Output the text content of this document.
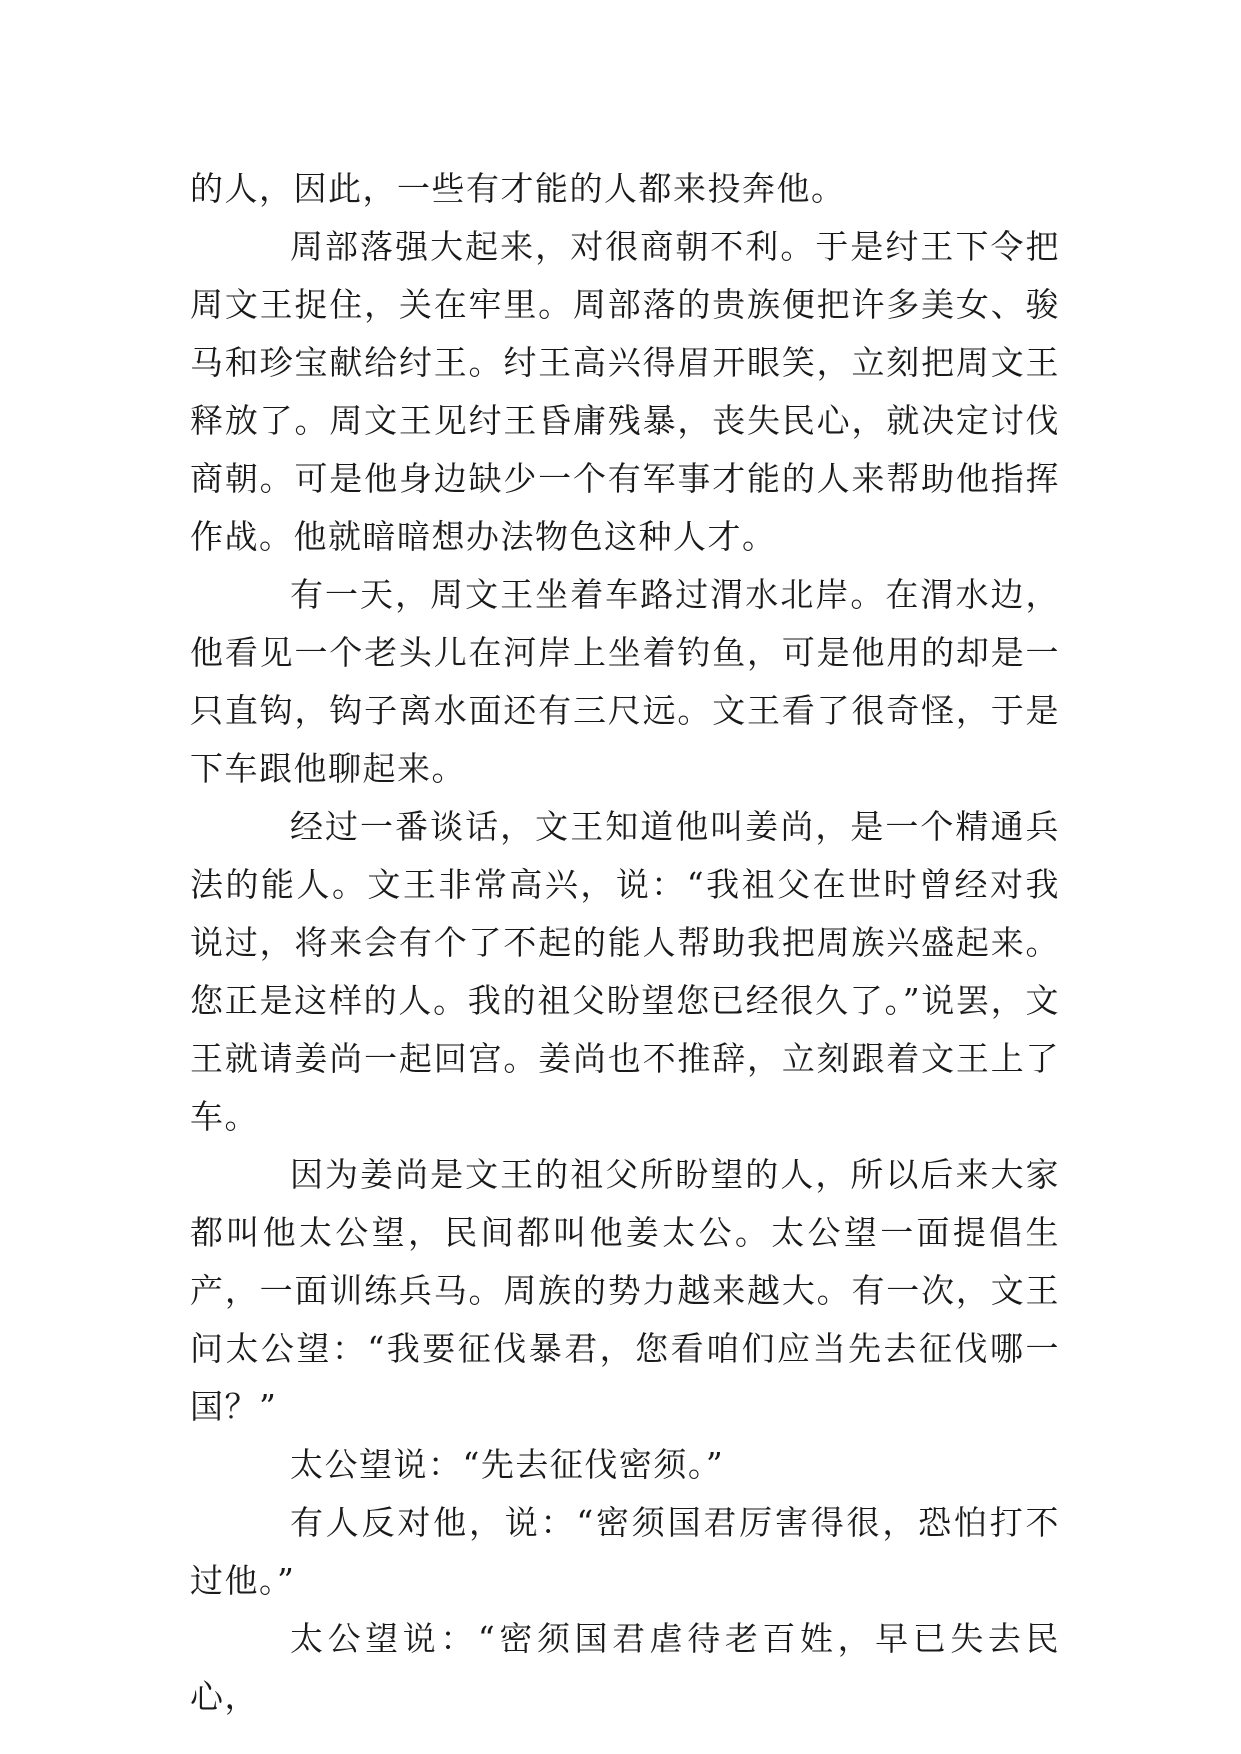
的人，因此，一些有才能的人都来投奔他。

周部落强大起来，对很商朝不利。于是纣王下令把周文王捉住，关在牢里。周部落的贵族便把许多美女、骏马和珍宝献给纣王。纣王高兴得眉开眼笑，立刻把周文王释放了。周文王见纣王昏庸残暴，丧失民心，就决定讨伐商朝。可是他身边缺少一个有军事才能的人来帮助他指挥作战。他就暗暗想办法物色这种人才。

有一天，周文王坐着车路过渭水北岸。在渭水边，他看见一个老头儿在河岸上坐着钓鱼，可是他用的却是一只直钩，钩子离水面还有三尺远。文王看了很奇怪，于是下车跟他聊起来。

经过一番谈话，文王知道他叫姜尚，是一个精通兵法的能人。文王非常高兴，说：“我祖父在世时曾经对我说过，将来会有个了不起的能人帮助我把周族兴盛起来。您正是这样的人。我的祖父盼望您已经很久了。”说罢，文王就请姜尚一起回宫。姜尚也不推辞，立刻跟着文王上了车。

因为姜尚是文王的祖父所盼望的人，所以后来大家都叫他太公望，民间都叫他姜太公。太公望一面提倡生产，一面训练兵马。周族的势力越来越大。有一次，文王问太公望：“我要征伐暴君，您看咱们应当先去征伐哪一国？”

太公望说：“先去征伐密须。”

有人反对他，说：“密须国君厉害得很，恐怕打不过他。”

太公望说：“密须国君虐待老百姓，早已失去民心，
